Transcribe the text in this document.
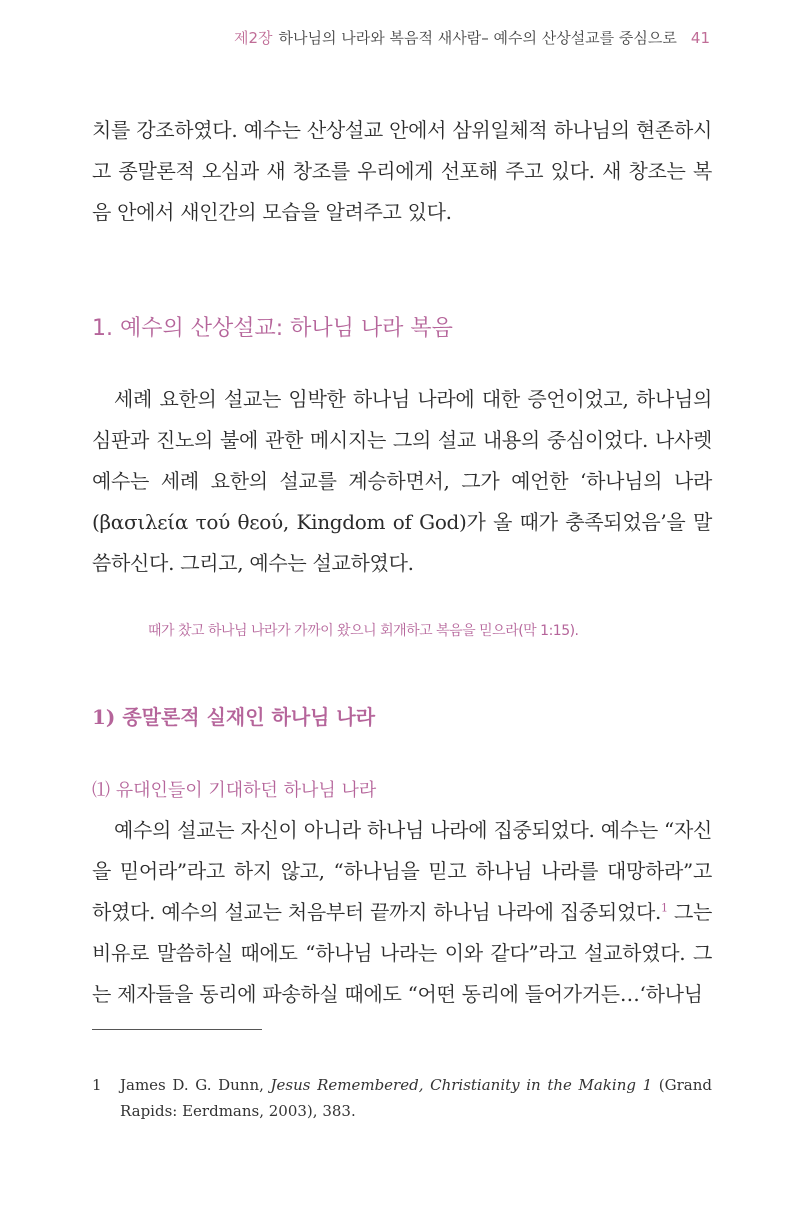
제2장 하나님의 나라와 복음적 새사람– 예수의 산상설교를 중심으로 41

치를 강조하였다. 예수는 산상설교 안에서 삼위일체적 하나님의 현존하시고 종말론적 오심과 새 창조를 우리에게 선포해 주고 있다. 새 창조는 복음 안에서 새인간의 모습을 알려주고 있다.

1. 예수의 산상설교: 하나님 나라 복음

세례 요한의 설교는 임박한 하나님 나라에 대한 증언이었고, 하나님의 심판과 진노의 불에 관한 메시지는 그의 설교 내용의 중심이었다. 나사렛 예수는 세례 요한의 설교를 계승하면서, 그가 예언한 ‘하나님의 나라(βασιλεία τού θεού, Kingdom of God)가 올 때가 충족되었음’을 말씀하신다. 그리고, 예수는 설교하였다.

때가 찼고 하나님 나라가 가까이 왔으니 회개하고 복음을 믿으라(막 1:15).

1) 종말론적 실재인 하나님 나라
⑴ 유대인들이 기대하던 하나님 나라

예수의 설교는 자신이 아니라 하나님 나라에 집중되었다. 예수는 “자신을 믿어라”라고 하지 않고, “하나님을 믿고 하나님 나라를 대망하라”고 하였다. 예수의 설교는 처음부터 끝까지 하나님 나라에 집중되었다.$^1$ 그는 비유로 말씀하실 때에도 “하나님 나라는 이와 같다”라고 설교하였다. 그는 제자들을 동리에 파송하실 때에도 “어떤 동리에 들어가거든…‘하나님

1 James D. G. Dunn, Jesus Remembered, Christianity in the Making 1 (Grand Rapids: Eerdmans, 2003), 383.
